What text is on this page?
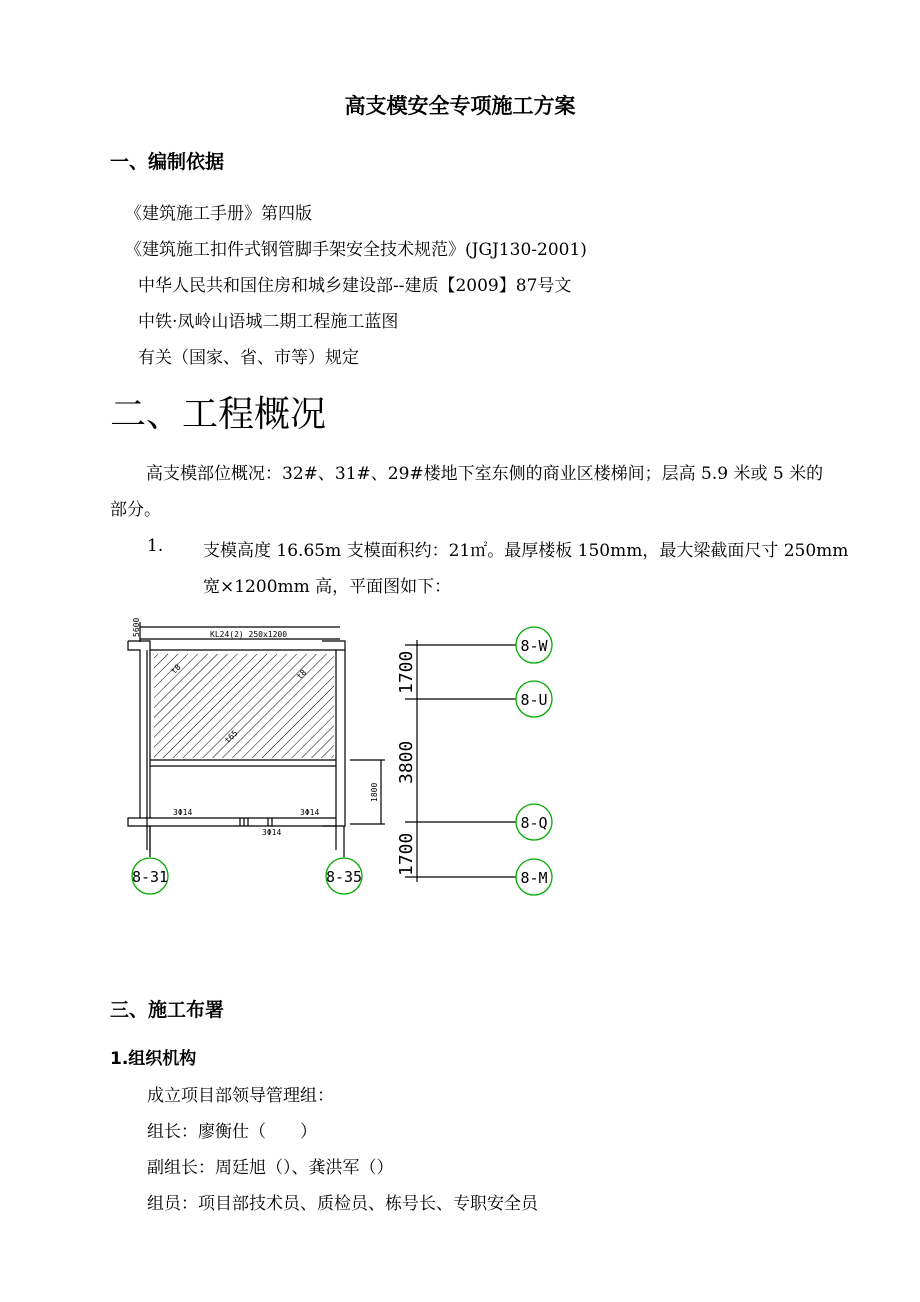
高支模安全专项施工方案
一、编制依据
《建筑施工手册》第四版
《建筑施工扣件式钢管脚手架安全技术规范》(JGJ130-2001)
中华人民共和国住房和城乡建设部--建质【2009】87号文
中铁·凤岭山语城二期工程施工蓝图
有关（国家、省、市等）规定
二、工程概况
高支模部位概况：32#、31#、29#楼地下室东侧的商业区楼梯间；层高 5.9 米或 5 米的部分。
1. 支模高度 16.65m 支模面积约：21㎡。最厚楼板 150mm，最大梁截面尺寸 250mm
宽×1200mm 高，平面图如下：
t8	t8
t65
KL24(2) 250x1200
5600
3Φ14	3Φ14
3Φ14
1800
1700
3800
1700
8-31	8-35
8-W
8-U
8-Q
8-M
三、施工布署
1.组织机构
成立项目部领导管理组：
组长：廖衡仕（　　）
副组长：周廷旭（）、龚洪军（）
组员：项目部技术员、质检员、栋号长、专职安全员
